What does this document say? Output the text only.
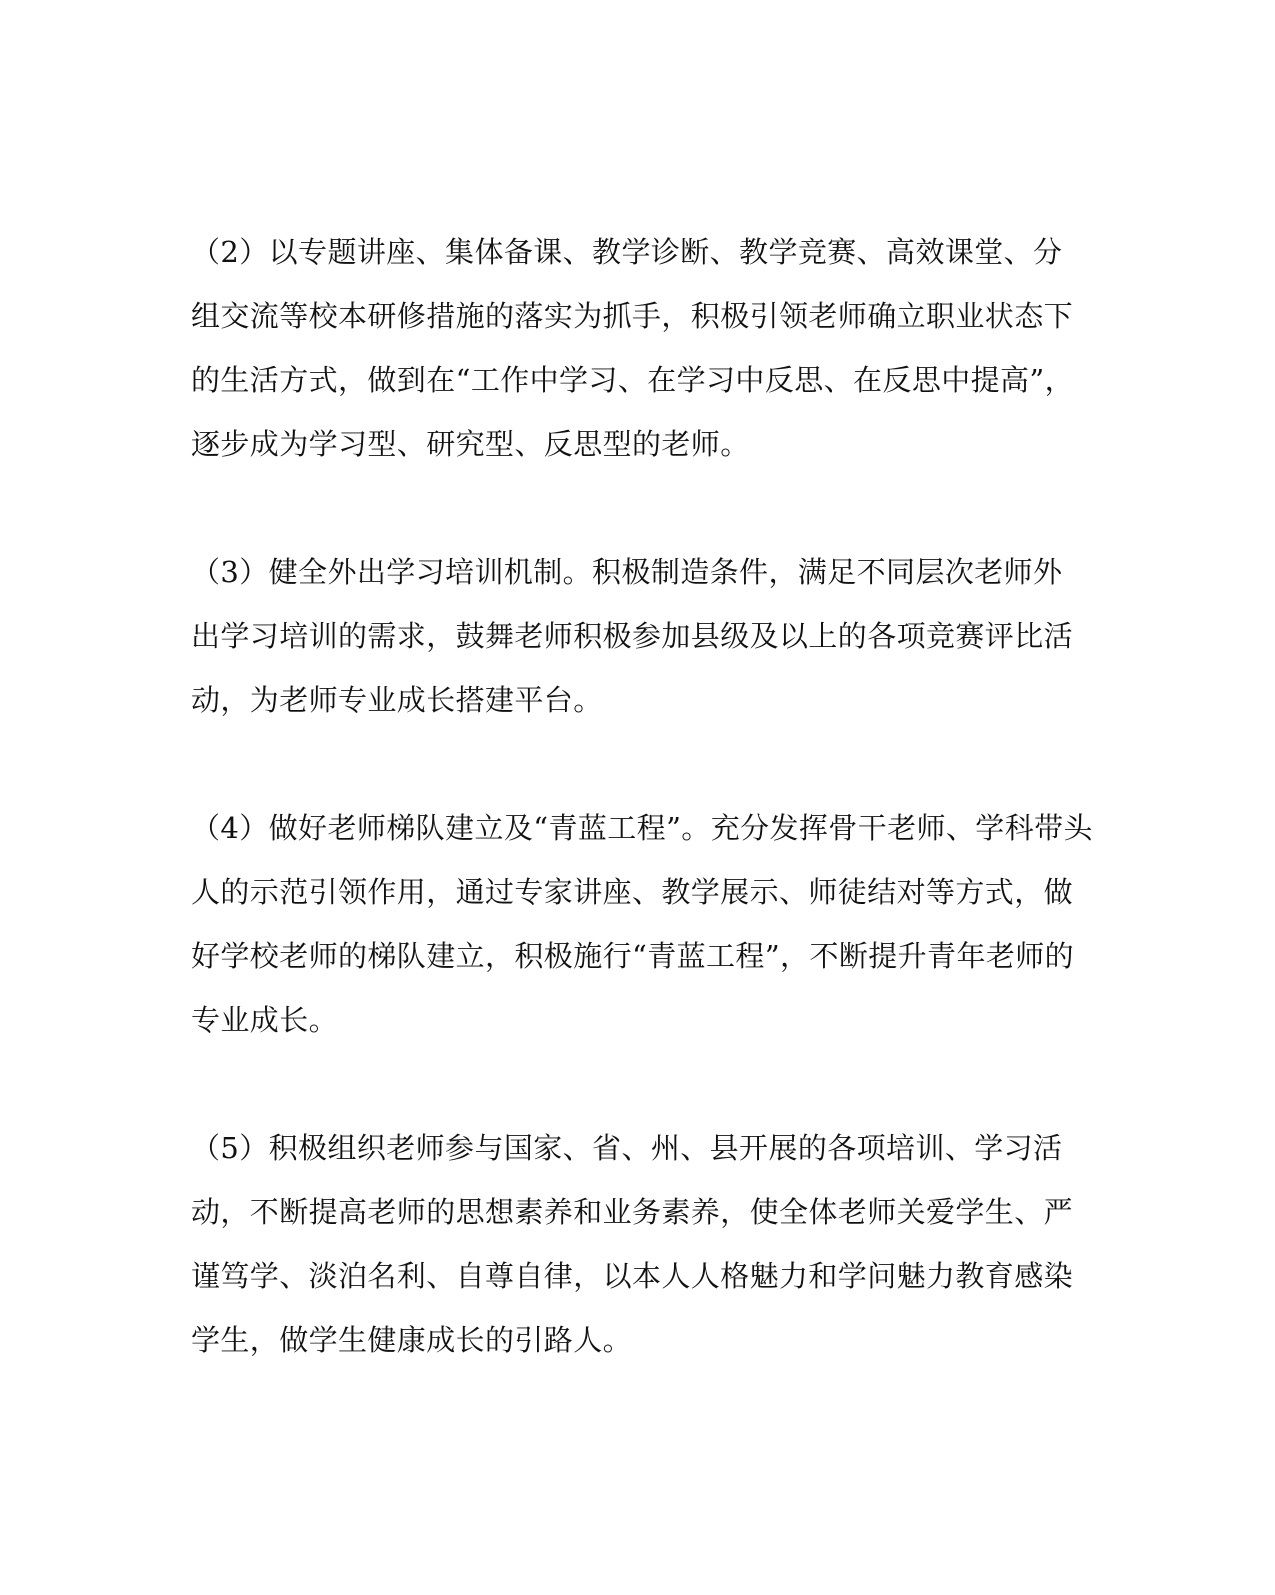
（2）以专题讲座、集体备课、教学诊断、教学竞赛、高效课堂、分
组交流等校本研修措施的落实为抓手，积极引领老师确立职业状态下
的生活方式，做到在“工作中学习、在学习中反思、在反思中提高”，
逐步成为学习型、研究型、反思型的老师。
（3）健全外出学习培训机制。积极制造条件，满足不同层次老师外
出学习培训的需求，鼓舞老师积极参加县级及以上的各项竞赛评比活
动，为老师专业成长搭建平台。
（4）做好老师梯队建立及“青蓝工程”。充分发挥骨干老师、学科带头
人的示范引领作用，通过专家讲座、教学展示、师徒结对等方式，做
好学校老师的梯队建立，积极施行“青蓝工程”，不断提升青年老师的
专业成长。
（5）积极组织老师参与国家、省、州、县开展的各项培训、学习活
动，不断提高老师的思想素养和业务素养，使全体老师关爱学生、严
谨笃学、淡泊名利、自尊自律，以本人人格魅力和学问魅力教育感染
学生，做学生健康成长的引路人。
